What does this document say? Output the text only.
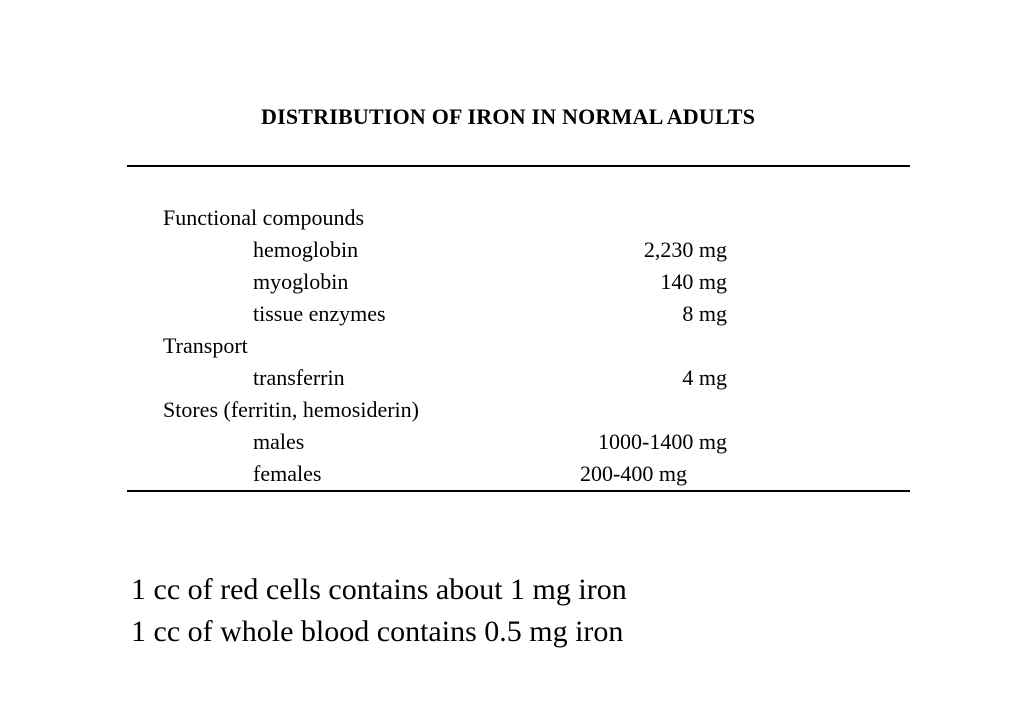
DISTRIBUTION OF IRON IN NORMAL ADULTS
Functional compounds
hemoglobin	2,230 mg
myoglobin	140 mg
tissue enzymes	8 mg
Transport
transferrin	4 mg
Stores (ferritin, hemosiderin)
males	1000-1400 mg
females	200-400 mg
1 cc of red cells contains about 1 mg iron
1 cc of whole blood contains 0.5 mg iron
